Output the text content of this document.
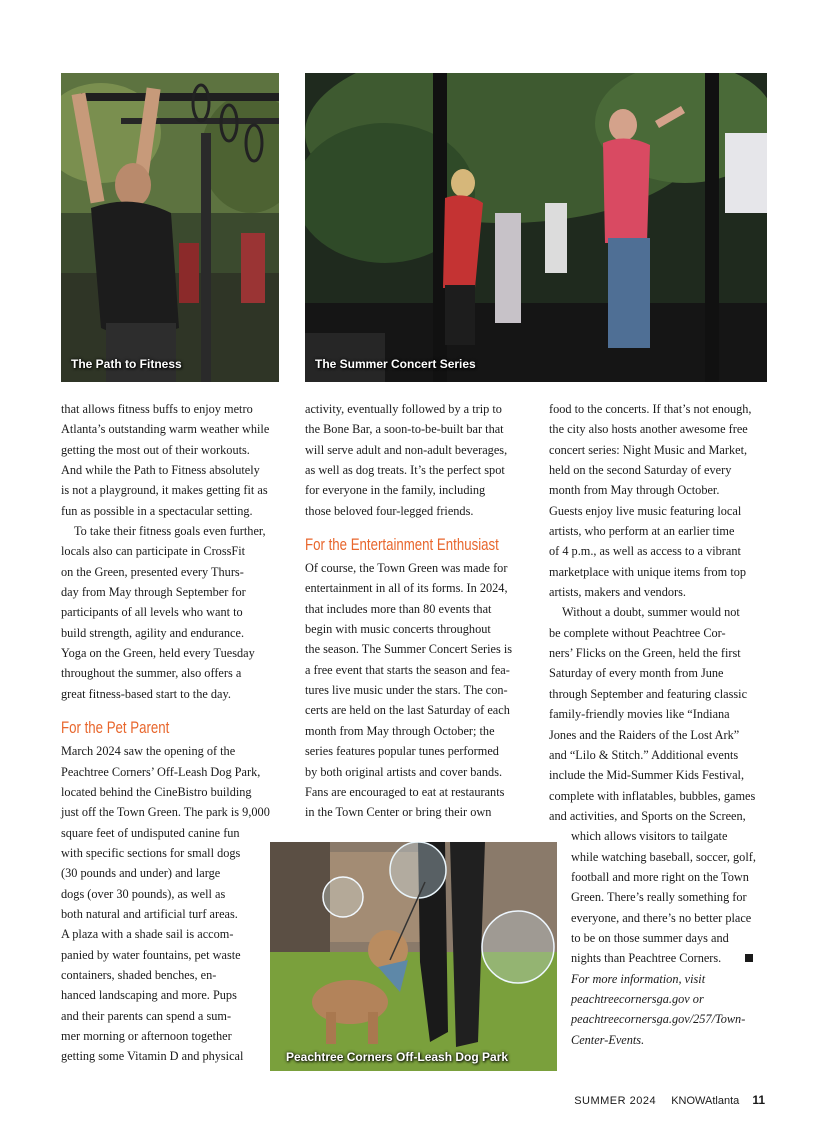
The Path to Fitness	The Summer Concert Series

that allows fitness buffs to enjoy metro
Atlanta’s outstanding warm weather while
getting the most out of their workouts.
And while the Path to Fitness absolutely
is not a playground, it makes getting fit as
fun as possible in a spectacular setting.

To take their fitness goals even further,
locals also can participate in CrossFit
on the Green, presented every Thurs-
day from May through September for
participants of all levels who want to
build strength, agility and endurance.
Yoga on the Green, held every Tuesday
throughout the summer, also offers a
great fitness-based start to the day.

For the Pet Parent

March 2024 saw the opening of the
Peachtree Corners’ Off-Leash Dog Park,
located behind the CineBistro building
just off the Town Green. The park is 9,000
square feet of undisputed canine fun
with specific sections for small dogs
(30 pounds and under) and large
dogs (over 30 pounds), as well as
both natural and artificial turf areas.
A plaza with a shade sail is accom-
panied by water fountains, pet waste
containers, shaded benches, en-
hanced landscaping and more. Pups
and their parents can spend a sum-
mer morning or afternoon together
getting some Vitamin D and physical

activity, eventually followed by a trip to
the Bone Bar, a soon-to-be-built bar that
will serve adult and non-adult beverages,
as well as dog treats. It’s the perfect spot
for everyone in the family, including
those beloved four-legged friends.

For the Entertainment Enthusiast

Of course, the Town Green was made for
entertainment in all of its forms. In 2024,
that includes more than 80 events that
begin with music concerts throughout
the season. The Summer Concert Series is
a free event that starts the season and fea-
tures live music under the stars. The con-
certs are held on the last Saturday of each
month from May through October; the
series features popular tunes performed
by both original artists and cover bands.
Fans are encouraged to eat at restaurants
in the Town Center or bring their own

food to the concerts. If that’s not enough,
the city also hosts another awesome free
concert series: Night Music and Market,
held on the second Saturday of every
month from May through October.
Guests enjoy live music featuring local
artists, who perform at an earlier time
of 4 p.m., as well as access to a vibrant
marketplace with unique items from top
artists, makers and vendors.

Without a doubt, summer would not
be complete without Peachtree Cor-
ners’ Flicks on the Green, held the first
Saturday of every month from June
through September and featuring classic
family-friendly movies like “Indiana
Jones and the Raiders of the Lost Ark”
and “Lilo & Stitch.” Additional events
include the Mid-Summer Kids Festival,
complete with inflatables, bubbles, games
and activities, and Sports on the Screen,

which allows visitors to tailgate
while watching baseball, soccer, golf,
football and more right on the Town
Green. There’s really something for
everyone, and there’s no better place
to be on those summer days and
nights than Peachtree Corners.

For more information, visit
peachtreecornersga.gov or
peachtreecornersga.gov/257/Town-
Center-Events.

Peachtree Corners Off-Leash Dog Park
SUMMER 2024 KNOWAtlanta 11
